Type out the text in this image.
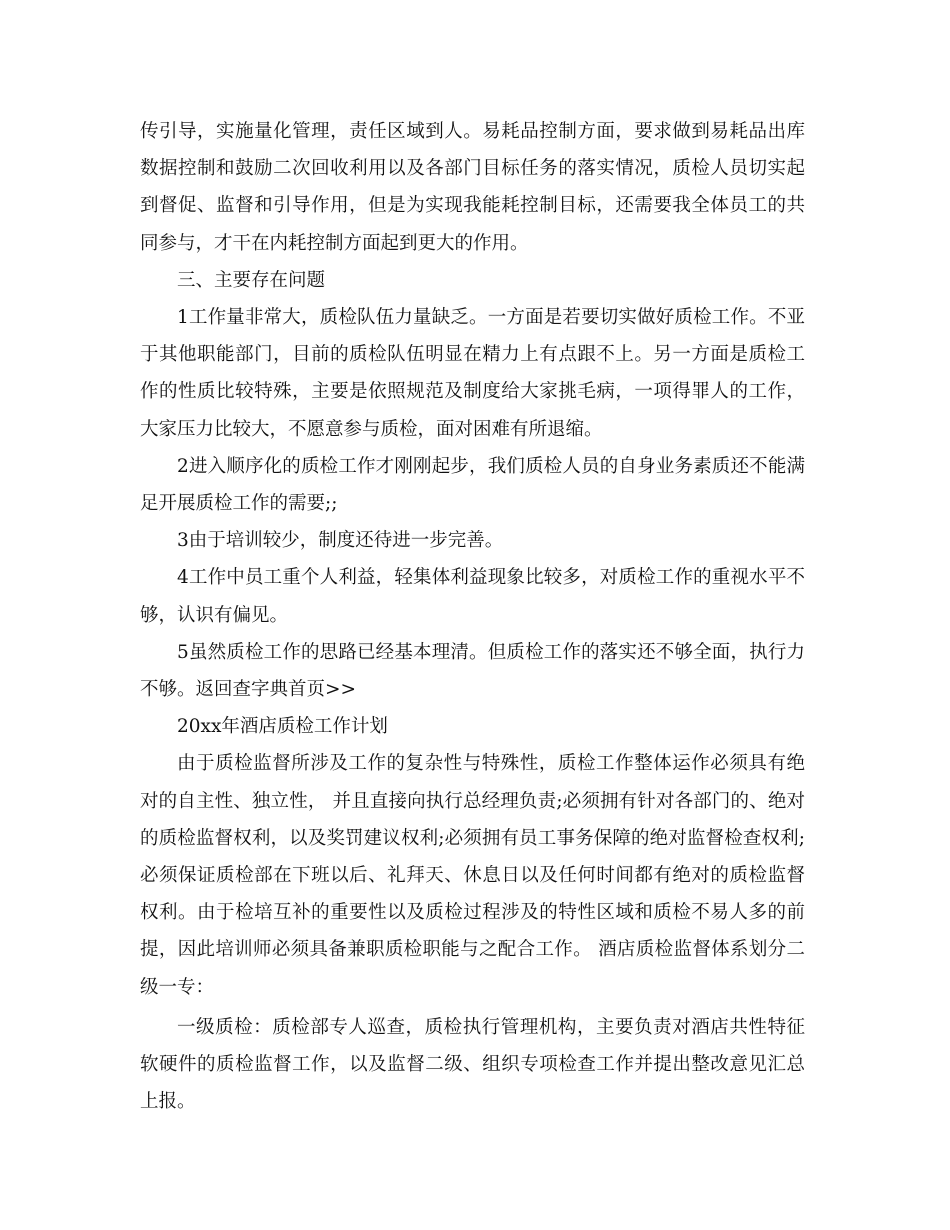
传引导，实施量化管理，责任区域到人。易耗品控制方面，要求做到易耗品出库数据控制和鼓励二次回收利用以及各部门目标任务的落实情况，质检人员切实起到督促、监督和引导作用，但是为实现我能耗控制目标，还需要我全体员工的共同参与，才干在内耗控制方面起到更大的作用。

三、主要存在问题

1工作量非常大，质检队伍力量缺乏。一方面是若要切实做好质检工作。不亚于其他职能部门，目前的质检队伍明显在精力上有点跟不上。另一方面是质检工作的性质比较特殊，主要是依照规范及制度给大家挑毛病，一项得罪人的工作，大家压力比较大，不愿意参与质检，面对困难有所退缩。

2进入顺序化的质检工作才刚刚起步，我们质检人员的自身业务素质还不能满足开展质检工作的需要;;

3由于培训较少，制度还待进一步完善。

4工作中员工重个人利益，轻集体利益现象比较多，对质检工作的重视水平不够，认识有偏见。

5虽然质检工作的思路已经基本理清。但质检工作的落实还不够全面，执行力不够。返回查字典首页>>

20xx年酒店质检工作计划

由于质检监督所涉及工作的复杂性与特殊性，质检工作整体运作必须具有绝对的自主性、独立性， 并且直接向执行总经理负责;必须拥有针对各部门的、绝对的质检监督权利，以及奖罚建议权利;必须拥有员工事务保障的绝对监督检查权利;必须保证质检部在下班以后、礼拜天、休息日以及任何时间都有绝对的质检监督权利。由于检培互补的重要性以及质检过程涉及的特性区域和质检不易人多的前提，因此培训师必须具备兼职质检职能与之配合工作。 酒店质检监督体系划分二级一专：

一级质检：质检部专人巡查，质检执行管理机构，主要负责对酒店共性特征软硬件的质检监督工作，以及监督二级、组织专项检查工作并提出整改意见汇总上报。
